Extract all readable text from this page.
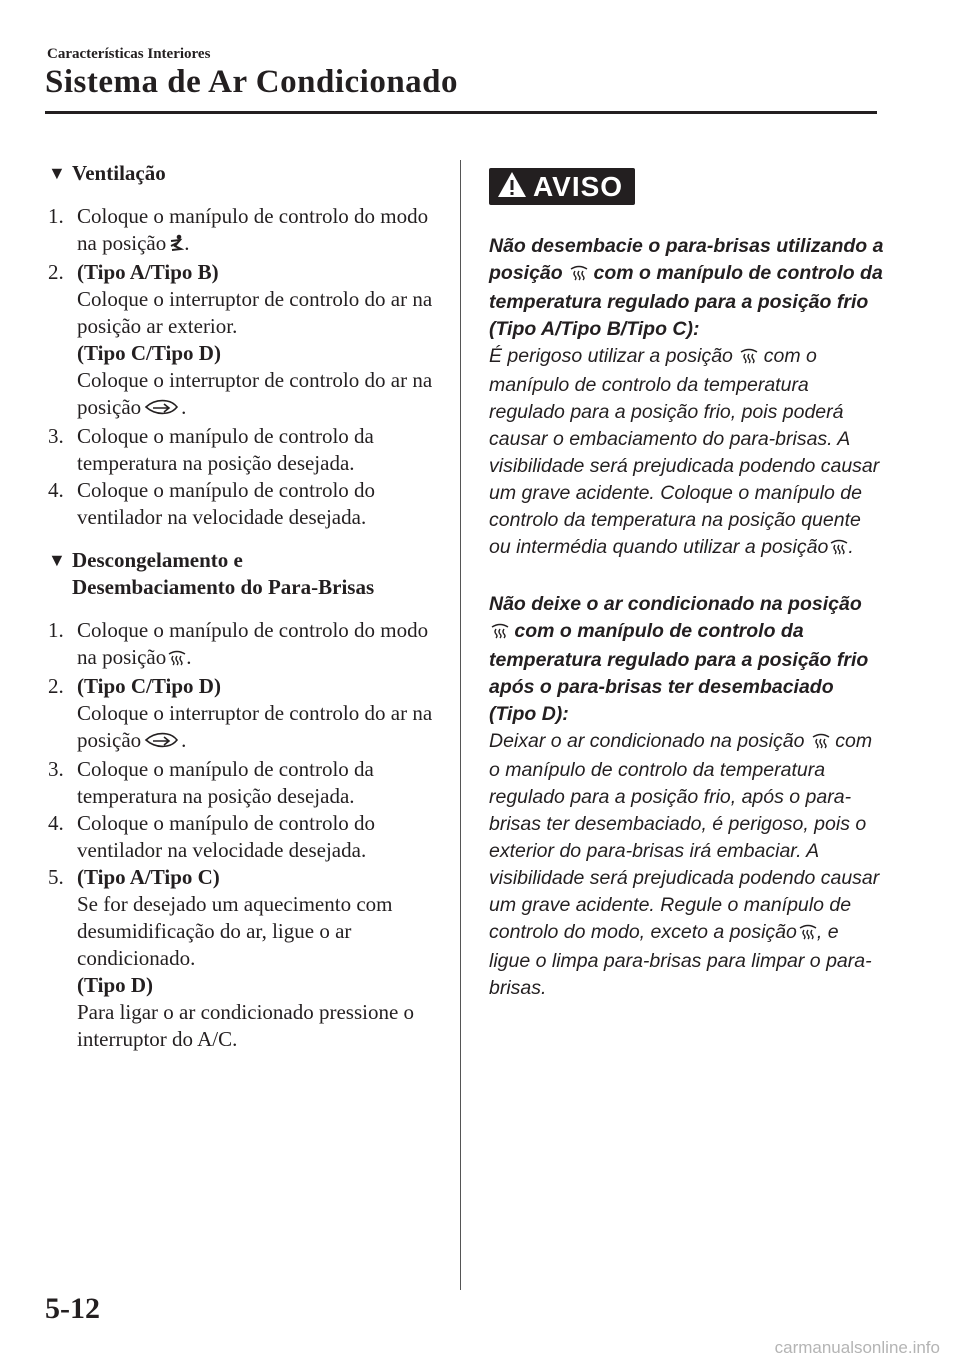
Características Interiores
Sistema de Ar Condicionado
▼ Ventilação
1. Coloque o manípulo de controlo do modo na posição .
2. (Tipo A/Tipo B)
Coloque o interruptor de controlo do ar na posição ar exterior.
(Tipo C/Tipo D)
Coloque o interruptor de controlo do ar na posição .
3. Coloque o manípulo de controlo da temperatura na posição desejada.
4. Coloque o manípulo de controlo do ventilador na velocidade desejada.
▼ Descongelamento e
Desembaciamento do Para-Brisas
1. Coloque o manípulo de controlo do modo na posição .
2. (Tipo C/Tipo D)
Coloque o interruptor de controlo do ar na posição .
3. Coloque o manípulo de controlo da temperatura na posição desejada.
4. Coloque o manípulo de controlo do ventilador na velocidade desejada.
5. (Tipo A/Tipo C)
Se for desejado um aquecimento com desumidificação do ar, ligue o ar condicionado.
(Tipo D)
Para ligar o ar condicionado pressione o interruptor do A/C.
AVISO
Não desembacie o para-brisas utilizando a posição com o manípulo de controlo da temperatura regulado para a posição frio (Tipo A/Tipo B/Tipo C):
É perigoso utilizar a posição com o manípulo de controlo da temperatura regulado para a posição frio, pois poderá causar o embaciamento do para-brisas. A visibilidade será prejudicada podendo causar um grave acidente. Coloque o manípulo de controlo da temperatura na posição quente ou intermédia quando utilizar a posição .
Não deixe o ar condicionado na posição  com o manípulo de controlo da temperatura regulado para a posição frio após o para-brisas ter desembaciado (Tipo D):
Deixar o ar condicionado na posição com o manípulo de controlo da temperatura regulado para a posição frio, após o para-brisas ter desembaciado, é perigoso, pois o exterior do para-brisas irá embaciar. A visibilidade será prejudicada podendo causar um grave acidente. Regule o manípulo de controlo do modo, exceto a posição , e ligue o limpa para-brisas para limpar o para-brisas.
5-12
carmanualsonline.info
